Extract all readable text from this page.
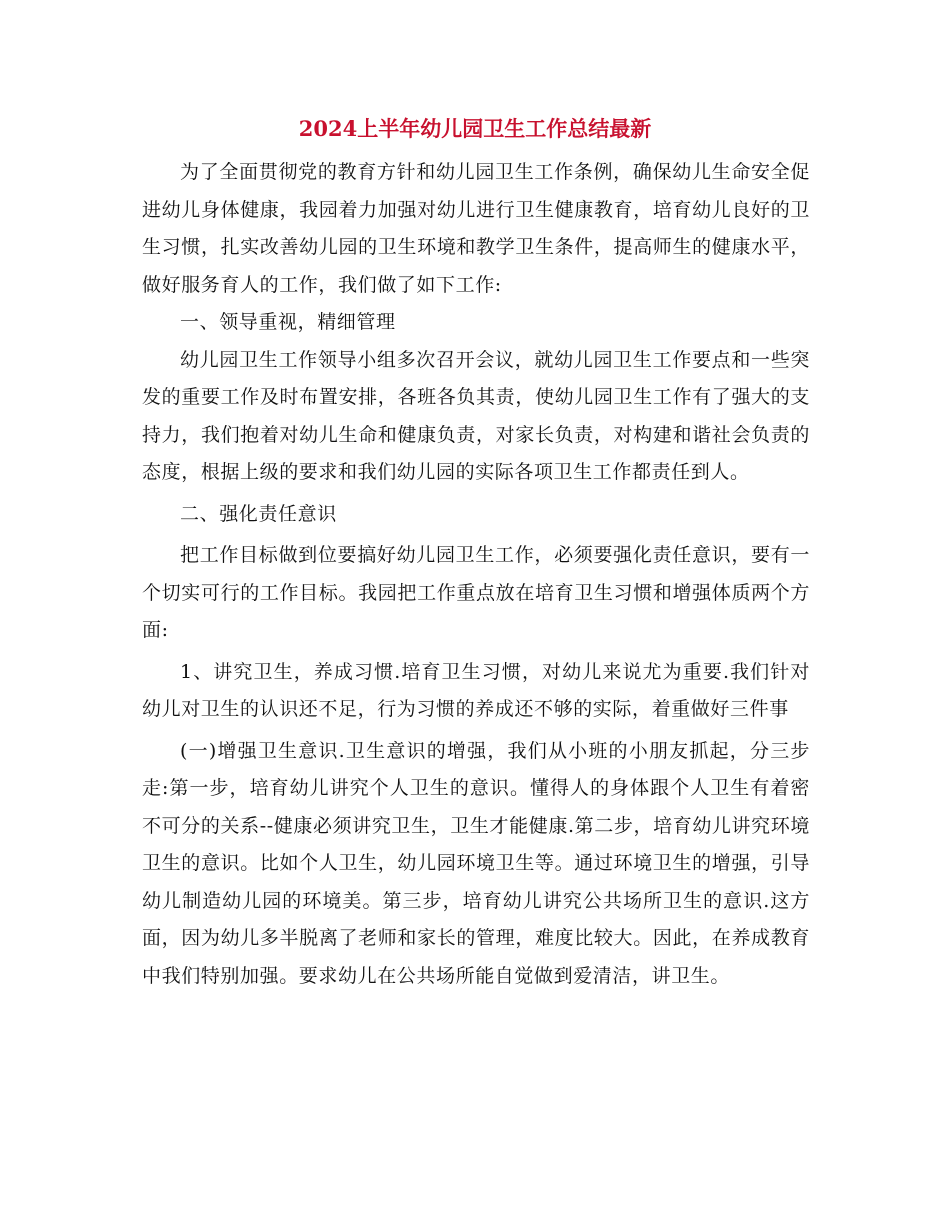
2024上半年幼儿园卫生工作总结最新

为了全面贯彻党的教育方针和幼儿园卫生工作条例，确保幼儿生命安全促进幼儿身体健康，我园着力加强对幼儿进行卫生健康教育，培育幼儿良好的卫生习惯，扎实改善幼儿园的卫生环境和教学卫生条件，提高师生的健康水平，做好服务育人的工作，我们做了如下工作:

一、领导重视，精细管理

幼儿园卫生工作领导小组多次召开会议，就幼儿园卫生工作要点和一些突发的重要工作及时布置安排，各班各负其责，使幼儿园卫生工作有了强大的支持力，我们抱着对幼儿生命和健康负责，对家长负责，对构建和谐社会负责的态度，根据上级的要求和我们幼儿园的实际各项卫生工作都责任到人。

二、强化责任意识

把工作目标做到位要搞好幼儿园卫生工作，必须要强化责任意识，要有一个切实可行的工作目标。我园把工作重点放在培育卫生习惯和增强体质两个方面:

1、讲究卫生，养成习惯.培育卫生习惯，对幼儿来说尤为重要.我们针对幼儿对卫生的认识还不足，行为习惯的养成还不够的实际，着重做好三件事

(一)增强卫生意识.卫生意识的增强，我们从小班的小朋友抓起，分三步走:第一步，培育幼儿讲究个人卫生的意识。懂得人的身体跟个人卫生有着密不可分的关系--健康必须讲究卫生，卫生才能健康.第二步，培育幼儿讲究环境卫生的意识。比如个人卫生，幼儿园环境卫生等。通过环境卫生的增强，引导幼儿制造幼儿园的环境美。第三步，培育幼儿讲究公共场所卫生的意识.这方面，因为幼儿多半脱离了老师和家长的管理，难度比较大。因此，在养成教育中我们特别加强。要求幼儿在公共场所能自觉做到爱清洁，讲卫生。
